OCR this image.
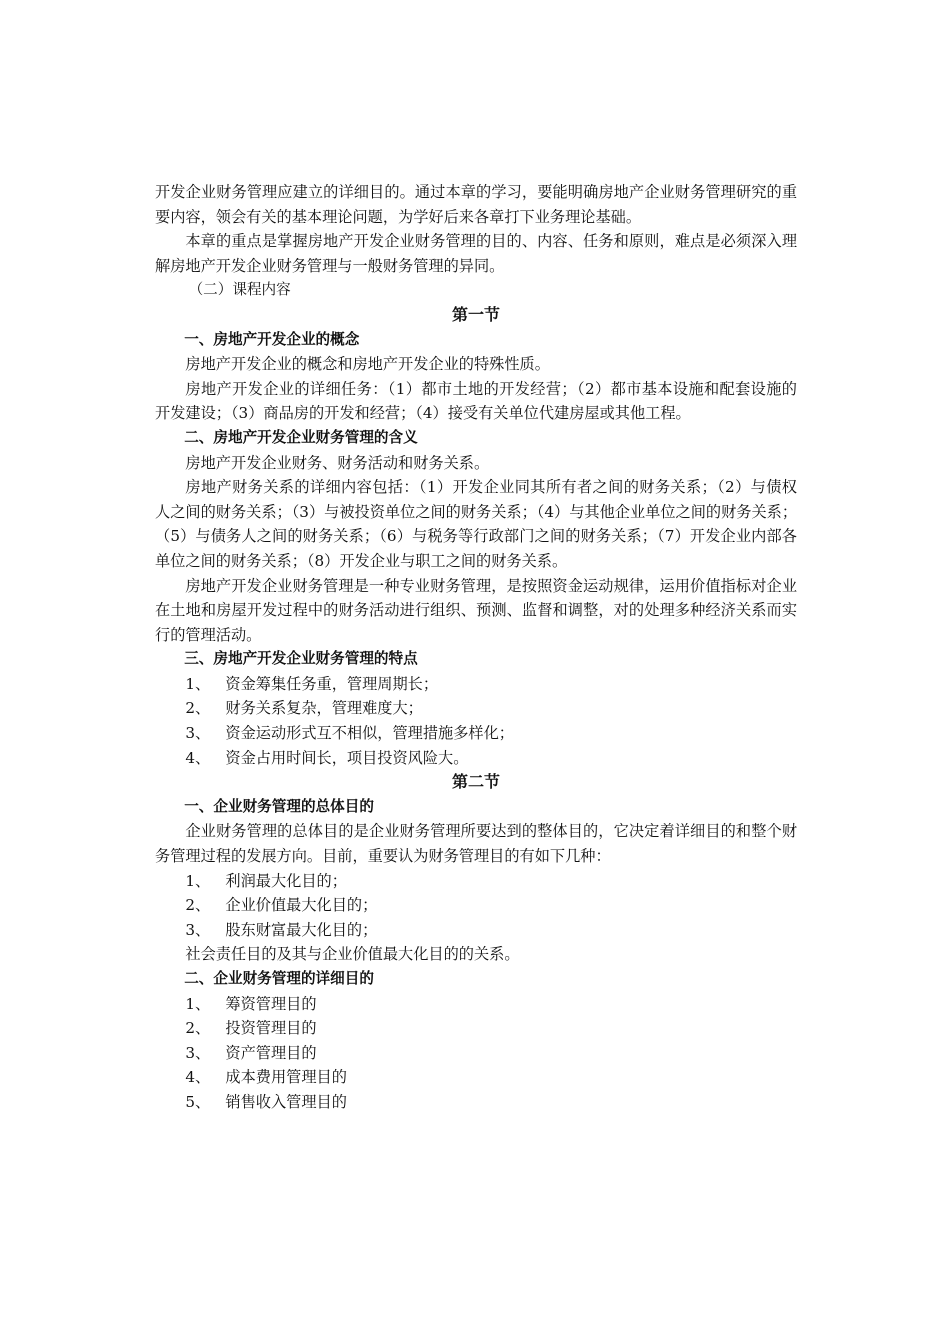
开发企业财务管理应建立的详细目的。通过本章的学习，要能明确房地产企业财务管理研究的重要内容，领会有关的基本理论问题，为学好后来各章打下业务理论基础。

本章的重点是掌握房地产开发企业财务管理的目的、内容、任务和原则，难点是必须深入理解房地产开发企业财务管理与一般财务管理的异同。

（二）课程内容

第一节

一、房地产开发企业的概念

房地产开发企业的概念和房地产开发企业的特殊性质。

房地产开发企业的详细任务：（1）都市土地的开发经营；（2）都市基本设施和配套设施的开发建设；（3）商品房的开发和经营；（4）接受有关单位代建房屋或其他工程。

二、房地产开发企业财务管理的含义

房地产开发企业财务、财务活动和财务关系。

房地产财务关系的详细内容包括：（1）开发企业同其所有者之间的财务关系；（2）与债权人之间的财务关系；（3）与被投资单位之间的财务关系；（4）与其他企业单位之间的财务关系；（5）与债务人之间的财务关系；（6）与税务等行政部门之间的财务关系；（7）开发企业内部各单位之间的财务关系；（8）开发企业与职工之间的财务关系。

房地产开发企业财务管理是一种专业财务管理，是按照资金运动规律，运用价值指标对企业在土地和房屋开发过程中的财务活动进行组织、预测、监督和调整，对的处理多种经济关系而实行的管理活动。

三、房地产开发企业财务管理的特点

1、 资金筹集任务重，管理周期长；

2、 财务关系复杂，管理难度大；

3、 资金运动形式互不相似，管理措施多样化；

4、 资金占用时间长，项目投资风险大。

第二节

一、企业财务管理的总体目的

企业财务管理的总体目的是企业财务管理所要达到的整体目的，它决定着详细目的和整个财务管理过程的发展方向。目前，重要认为财务管理目的有如下几种：

1、 利润最大化目的；

2、 企业价值最大化目的；

3、 股东财富最大化目的；

社会责任目的及其与企业价值最大化目的的关系。

二、企业财务管理的详细目的

1、 筹资管理目的

2、 投资管理目的

3、 资产管理目的

4、 成本费用管理目的

5、 销售收入管理目的
